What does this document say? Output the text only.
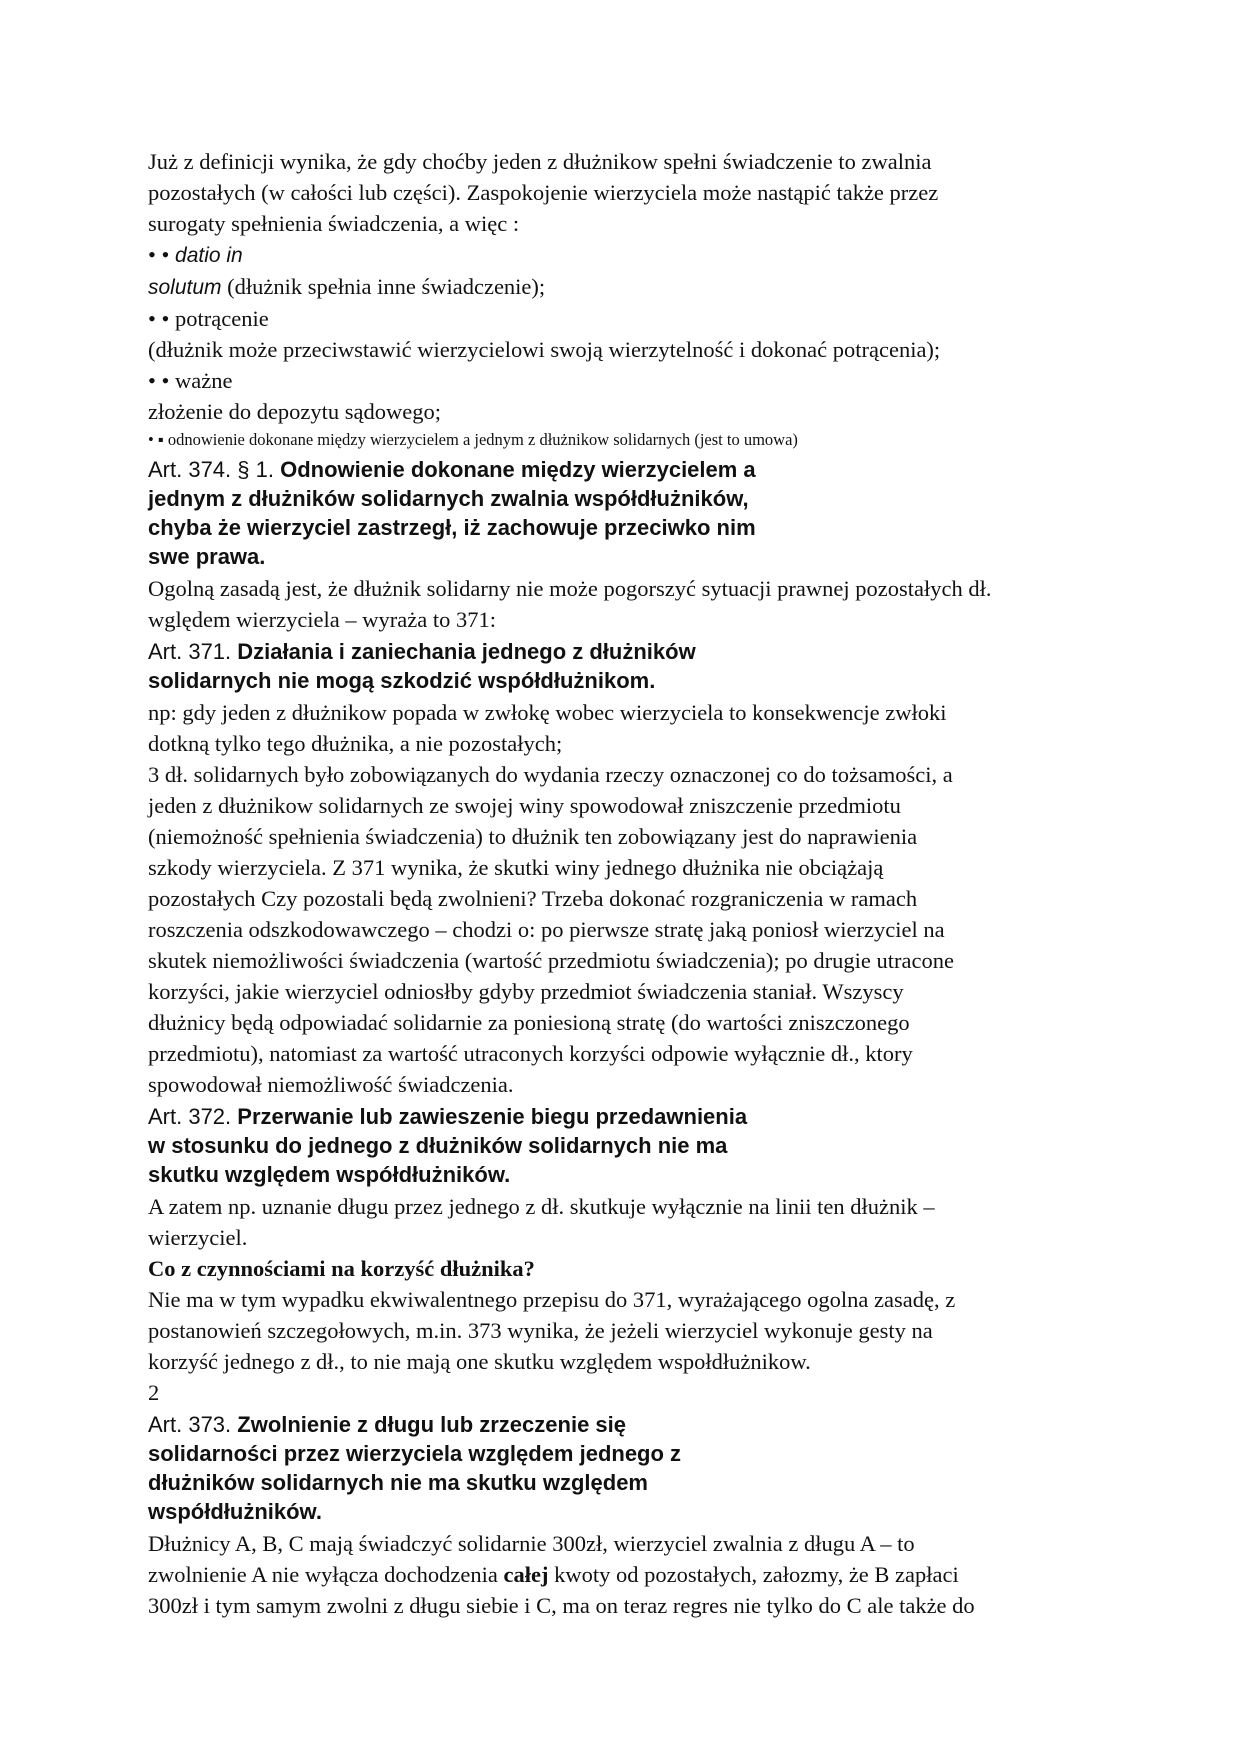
Już z definicji wynika, że gdy choćby jeden z dłużnikow spełni świadczenie to zwalnia

pozostałych (w całości lub części). Zaspokojenie wierzyciela może nastąpić także przez

surogaty spełnienia świadczenia, a więc :

• • datio in

solutum (dłużnik spełnia inne świadczenie);

• • potrącenie

(dłużnik może przeciwstawić wierzycielowi swoją wierzytelność i dokonać potrącenia);

• • ważne

złożenie do depozytu sądowego;

• ▪ odnowienie dokonane między wierzycielem a jednym z dłużnikow solidarnych (jest to umowa)

Art. 374. § 1. Odnowienie dokonane między wierzycielem a

jednym z dłużników solidarnych zwalnia współdłużników,

chyba że wierzyciel zastrzegł, iż zachowuje przeciwko nim

swe prawa.

Ogolną zasadą jest, że dłużnik solidarny nie może pogorszyć sytuacji prawnej pozostałych dł.

wględem wierzyciela – wyraża to 371:

Art. 371. Działania i zaniechania jednego z dłużników

solidarnych nie mogą szkodzić współdłużnikom.

np: gdy jeden z dłużnikow popada w zwłokę wobec wierzyciela to konsekwencje zwłoki

dotkną tylko tego dłużnika, a nie pozostałych;

3 dł. solidarnych było zobowiązanych do wydania rzeczy oznaczonej co do tożsamości, a

jeden z dłużnikow solidarnych ze swojej winy spowodował zniszczenie przedmiotu

(niemożność spełnienia świadczenia) to dłużnik ten zobowiązany jest do naprawienia

szkody wierzyciela. Z 371 wynika, że skutki winy jednego dłużnika nie obciążają

pozostałych Czy pozostali będą zwolnieni? Trzeba dokonać rozgraniczenia w ramach

roszczenia odszkodowawczego – chodzi o: po pierwsze stratę jaką poniosł wierzyciel na

skutek niemożliwości świadczenia (wartość przedmiotu świadczenia); po drugie utracone

korzyści, jakie wierzyciel odniosłby gdyby przedmiot świadczenia staniał. Wszyscy

dłużnicy będą odpowiadać solidarnie za poniesioną stratę (do wartości zniszczonego

przedmiotu), natomiast za wartość utraconych korzyści odpowie wyłącznie dł., ktory

spowodował niemożliwość świadczenia.

Art. 372. Przerwanie lub zawieszenie biegu przedawnienia

w stosunku do jednego z dłużników solidarnych nie ma

skutku względem współdłużników.

A zatem np. uznanie długu przez jednego z dł. skutkuje wyłącznie na linii ten dłużnik –

wierzyciel.

Co z czynnościami na korzyść dłużnika?

Nie ma w tym wypadku ekwiwalentnego przepisu do 371, wyrażającego ogolna zasadę, z

postanowień szczegołowych, m.in. 373 wynika, że jeżeli wierzyciel wykonuje gesty na

korzyść jednego z dł., to nie mają one skutku względem wspołdłużnikow.

2

Art. 373. Zwolnienie z długu lub zrzeczenie się

solidarności przez wierzyciela względem jednego z

dłużników solidarnych nie ma skutku względem

współdłużników.

Dłużnicy A, B, C mają świadczyć solidarnie 300zł, wierzyciel zwalnia z długu A – to

zwolnienie A nie wyłącza dochodzenia całej kwoty od pozostałych, załozmy, że B zapłaci

300zł i tym samym zwolni z długu siebie i C, ma on teraz regres nie tylko do C ale także do
